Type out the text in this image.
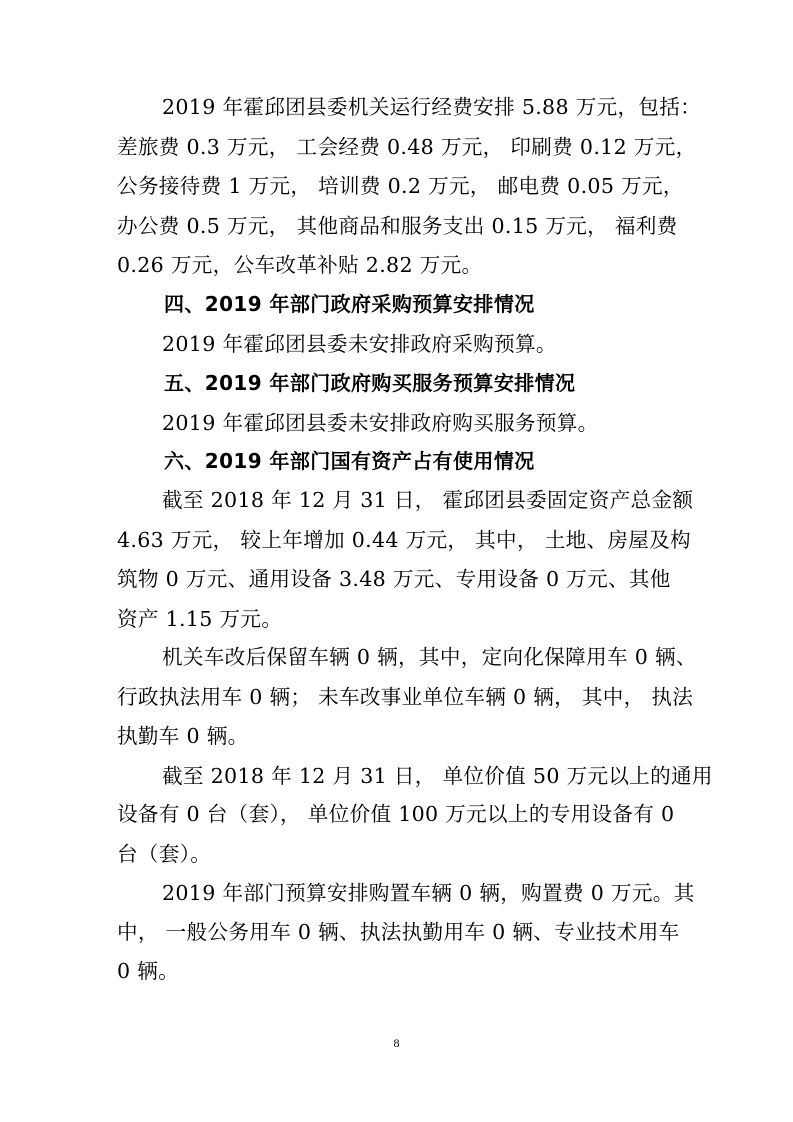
2019 年霍邱团县委机关运行经费安排 5.88 万元，包括：
差旅费 0.3 万元， 工会经费 0.48 万元， 印刷费 0.12 万元，
公务接待费 1 万元， 培训费 0.2 万元， 邮电费 0.05 万元，
办公费 0.5 万元， 其他商品和服务支出 0.15 万元， 福利费
0.26 万元，公车改革补贴 2.82 万元。
四、2019 年部门政府采购预算安排情况
2019 年霍邱团县委未安排政府采购预算。
五、2019 年部门政府购买服务预算安排情况
2019 年霍邱团县委未安排政府购买服务预算。
六、2019 年部门国有资产占有使用情况
截至 2018 年 12 月 31 日， 霍邱团县委固定资产总金额
4.63 万元， 较上年增加 0.44 万元， 其中， 土地、房屋及构
筑物 0 万元、通用设备 3.48 万元、专用设备 0 万元、其他
资产 1.15 万元。
机关车改后保留车辆 0 辆，其中，定向化保障用车 0 辆、
行政执法用车 0 辆； 未车改事业单位车辆 0 辆， 其中， 执法
执勤车 0 辆。
截至 2018 年 12 月 31 日， 单位价值 50 万元以上的通用
设备有 0 台（套）， 单位价值 100 万元以上的专用设备有 0
台（套）。
2019 年部门预算安排购置车辆 0 辆，购置费 0 万元。其
中， 一般公务用车 0 辆、执法执勤用车 0 辆、专业技术用车
0 辆。
8
